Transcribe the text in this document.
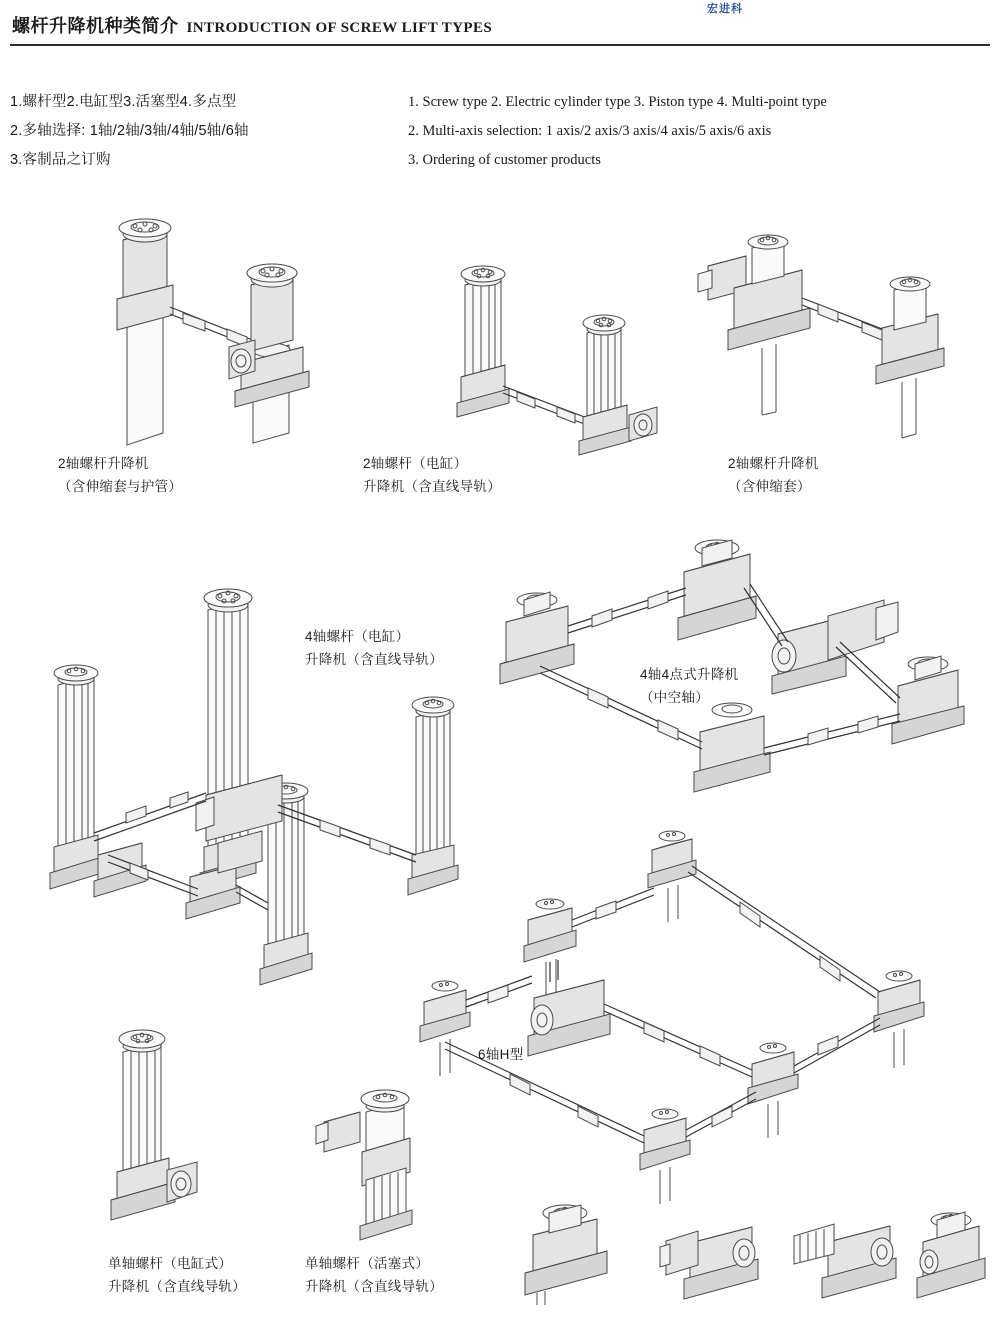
宏进科
螺杆升降机种类简介 INTRODUCTION OF SCREW LIFT TYPES
1.螺杆型2.电缸型3.活塞型4.多点型
2.多轴选择: 1轴/2轴/3轴/4轴/5轴/6轴
3.客制品之订购
1. Screw type 2. Electric cylinder type 3. Piston type 4. Multi-point type
2. Multi-axis selection: 1 axis/2 axis/3 axis/4 axis/5 axis/6 axis
3. Ordering of customer products
2轴螺杆升降机
（含伸缩套与护管）
2轴螺杆（电缸）
升降机（含直线导轨）
2轴螺杆升降机
（含伸缩套）
4轴螺杆（电缸）
升降机（含直线导轨）
4轴4点式升降机
（中空轴）
6轴H型
单轴螺杆（电缸式）
升降机（含直线导轨）
单轴螺杆（活塞式）
升降机（含直线导轨）
